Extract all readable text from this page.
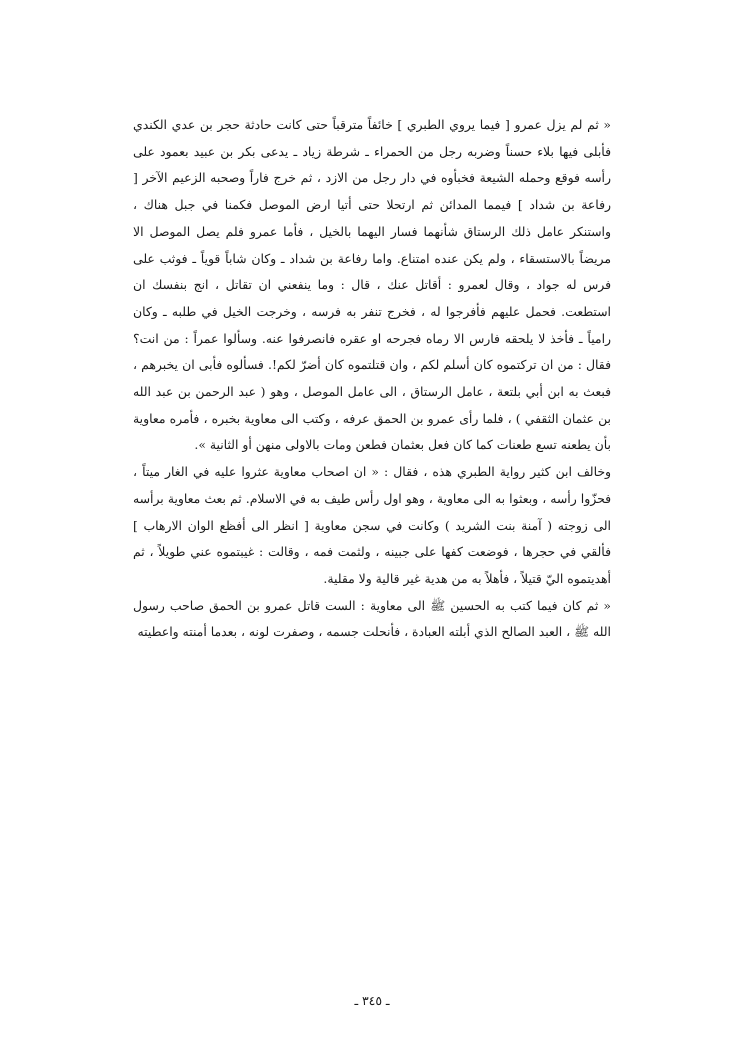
« ثم لم يزل عمرو [ فيما يروي الطبري ] خائفاً مترقباً حتى كانت حادثة حجر بن عدي الكندي فأبلى فيها بلاء حسناً وضربه رجل من الحمراء ـ شرطة زياد ـ يدعى بكر بن عبيد بعمود على رأسه فوقع وحمله الشيعة فخبأوه في دار رجل من الازد ، ثم خرج فاراً وصحبه الزعيم الآخر [ رفاعة بن شداد ] فيمما المدائن ثم ارتحلا حتى أتيا ارض الموصل فكمنا في جبل هناك ، واستنكر عامل ذلك الرستاق شأنهما فسار اليهما بالخيل ، فأما عمرو فلم يصل الموصل الا مريضاً بالاستسقاء ، ولم يكن عنده امتناع. واما رفاعة بن شداد ـ وكان شاباً قوياً ـ فوثب على فرس له جواد ، وقال لعمرو : أقاتل عنك ، قال : وما ينفعني ان تقاتل ، انج بنفسك ان استطعت. فحمل عليهم فأفرجوا له ، فخرج تنفر به فرسه ، وخرجت الخيل في طلبه ـ وكان رامياً ـ فأخذ لا يلحقه فارس الا رماه فجرحه او عقره فانصرفوا عنه. وسألوا عمراً : من انت؟ فقال : من ان تركتموه كان أسلم لكم ، وان قتلتموه كان أضرّ لكم!. فسألوه فأبى ان يخبرهم ، فبعث به ابن أبي بلتعة ، عامل الرستاق ، الى عامل الموصل ، وهو ( عبد الرحمن بن عبد الله بن عثمان الثقفي ) ، فلما رأى عمرو بن الحمق عرفه ، وكتب الى معاوية بخبره ، فأمره معاوية بأن يطعنه تسع طعنات كما كان فعل بعثمان فطعن ومات بالاولى منهن أو الثانية ».

وخالف ابن كثير رواية الطبري هذه ، فقال : « ان اصحاب معاوية عثروا عليه في الغار ميتاً ، فحزّوا رأسه ، وبعثوا به الى معاوية ، وهو اول رأس طيف به في الاسلام. ثم بعث معاوية برأسه الى زوجته ( آمنة بنت الشريد ) وكانت في سجن معاوية [ انظر الى أفظع الوان الارهاب ] فألقي في حجرها ، فوضعت كفها على جبينه ، ولثمت فمه ، وقالت : غيبتموه عني طويلاً ، ثم أهديتموه اليّ قتيلاً ، فأهلاً به من هدية غير قالية ولا مقلية.

« ثم كان فيما كتب به الحسين ﷺ الى معاوية : الست قاتل عمرو بن الحمق صاحب رسول الله ﷺ ، العبد الصالح الذي أبلته العبادة ، فأنحلت جسمه ، وصفرت لونه ، بعدما أمنته واعطيته

ـ ٣٤٥ ـ
